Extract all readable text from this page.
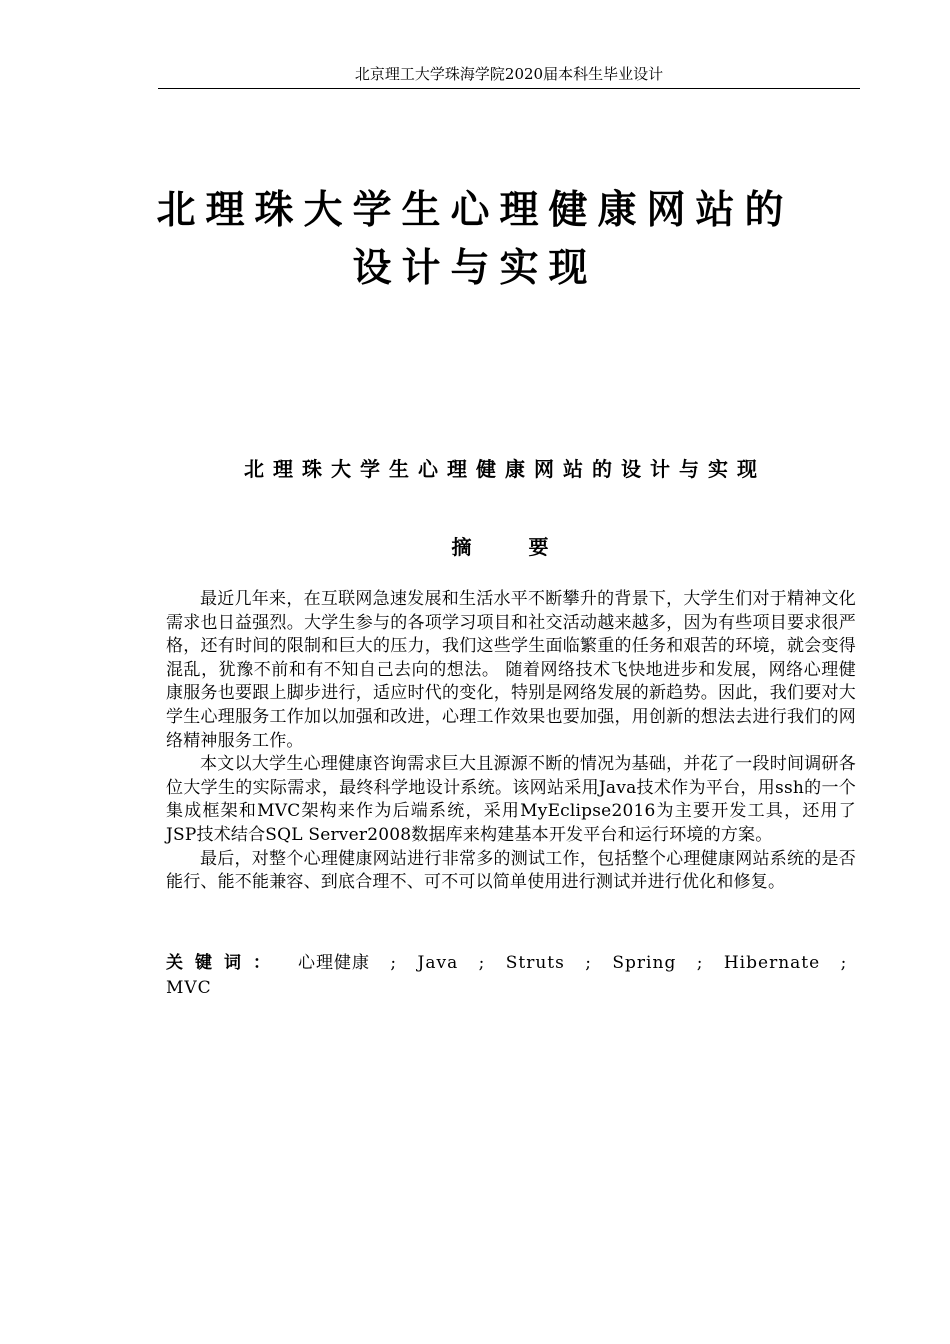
北京理工大学珠海学院2020届本科生毕业设计
北理珠大学生心理健康网站的
设计与实现
北理珠大学生心理健康网站的设计与实现
摘 要

最近几年来，在互联网急速发展和生活水平不断攀升的背景下，大学生们对于精神文化需求也日益强烈。大学生参与的各项学习项目和社交活动越来越多，因为有些项目要求很严格，还有时间的限制和巨大的压力，我们这些学生面临繁重的任务和艰苦的环境，就会变得混乱，犹豫不前和有不知自己去向的想法。 随着网络技术飞快地进步和发展，网络心理健康服务也要跟上脚步进行，适应时代的变化，特别是网络发展的新趋势。因此，我们要对大学生心理服务工作加以加强和改进，心理工作效果也要加强，用创新的想法去进行我们的网络精神服务工作。

本文以大学生心理健康咨询需求巨大且源源不断的情况为基础，并花了一段时间调研各位大学生的实际需求，最终科学地设计系统。该网站采用Java技术作为平台，用ssh的一个集成框架和MVC架构来作为后端系统，采用MyEclipse2016为主要开发工具，还用了JSP技术结合SQL Server2008数据库来构建基本开发平台和运行环境的方案。

最后，对整个心理健康网站进行非常多的测试工作，包括整个心理健康网站系统的是否能行、能不能兼容、到底合理不、可不可以简单使用进行测试并进行优化和修复。

关键词： 心理健康 ; Java ; Struts ; Spring ; Hibernate ; MVC
